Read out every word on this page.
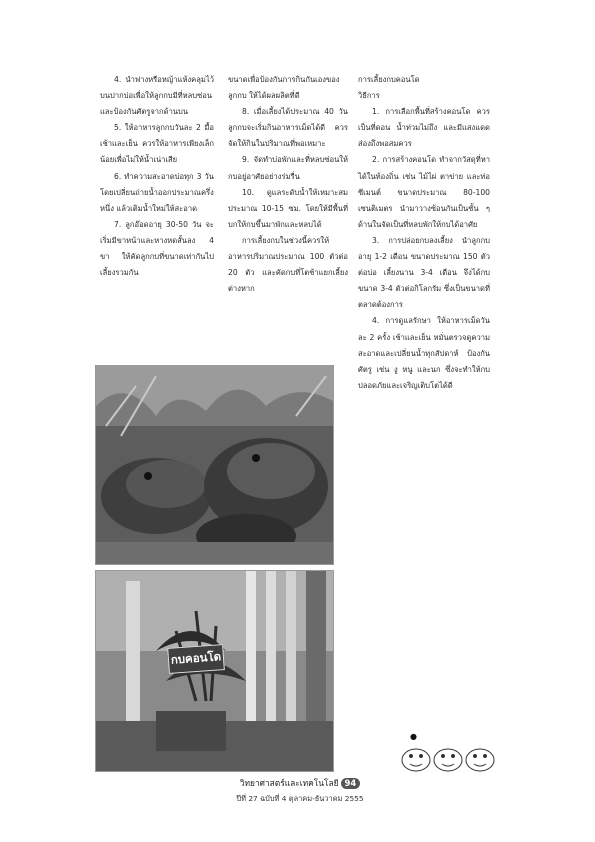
4. นำฟางหรือหญ้าแห้งคลุมไว้บนปากบ่อเพื่อให้ลูกกบมีที่หลบซ่อนและป้องกันศัตรูจากด้านบน

5. ให้อาหารลูกกบวันละ 2 มื้อ เช้าและเย็น ควรให้อาหารเพียงเล็กน้อยเพื่อไม่ให้น้ำเน่าเสีย

6. ทำความสะอาดบ่อทุก 3 วัน โดยเปลี่ยนถ่ายน้ำออกประมาณครึ่งหนึ่ง แล้วเติมน้ำใหม่ให้สะอาด

7. ลูกอ๊อดอายุ 30-50 วัน จะเริ่มมีขาหน้าและหางหดสั้นลง 4 ขา ให้คัดลูกกบที่ขนาดเท่ากันไปเลี้ยงรวมกัน

ขนาดเพื่อป้องกันการกินกันเองของลูกกบ ให้ได้ผลผลิตที่ดี

8. เมื่อเลี้ยงได้ประมาณ 40 วัน ลูกกบจะเริ่มกินอาหารเม็ดได้ดี ควรจัดให้กินในปริมาณที่พอเหมาะ

9. จัดทำบ่อพักและที่หลบซ่อนให้กบอยู่อาศัยอย่างร่มรื่น

10. ดูแลระดับน้ำให้เหมาะสม ประมาณ 10-15 ซม. โดยให้มีพื้นที่บกให้กบขึ้นมาพักและหลบได้

การเลี้ยงกบในช่วงนี้ควรให้อาหารปริมาณประมาณ 100 ตัวต่อ 20 ตัว และคัดกบที่โตช้าแยกเลี้ยงต่างหาก

การเลี้ยงกบคอนโด
วิธีการ

1. การเลือกพื้นที่สร้างคอนโด ควรเป็นที่ดอน น้ำท่วมไม่ถึง และมีแสงแดดส่องถึงพอสมควร

2. การสร้างคอนโด ทำจากวัสดุที่หาได้ในท้องถิ่น เช่น ไม้ไผ่ ตาข่าย และท่อซีเมนต์ ขนาดประมาณ 80-100 เซนติเมตร นำมาวางซ้อนกันเป็นชั้น ๆ ด้านในจัดเป็นที่หลบพักให้กบได้อาศัย

3. การปล่อยกบลงเลี้ยง นำลูกกบอายุ 1-2 เดือน ขนาดประมาณ 150 ตัวต่อบ่อ เลี้ยงนาน 3-4 เดือน จึงได้กบขนาด 3-4 ตัวต่อกิโลกรัม ซึ่งเป็นขนาดที่ตลาดต้องการ

4. การดูแลรักษา ให้อาหารเม็ดวันละ 2 ครั้ง เช้าและเย็น หมั่นตรวจดูความสะอาดและเปลี่ยนน้ำทุกสัปดาห์ ป้องกันศัตรู เช่น งู หนู และนก ซึ่งจะทำให้กบปลอดภัยและเจริญเติบโตได้ดี

กบคอนโด
●
วิทยาศาสตร์และเทคโนโลยี 94
ปีที่ 27 ฉบับที่ 4 ตุลาคม-ธันวาคม 2555
